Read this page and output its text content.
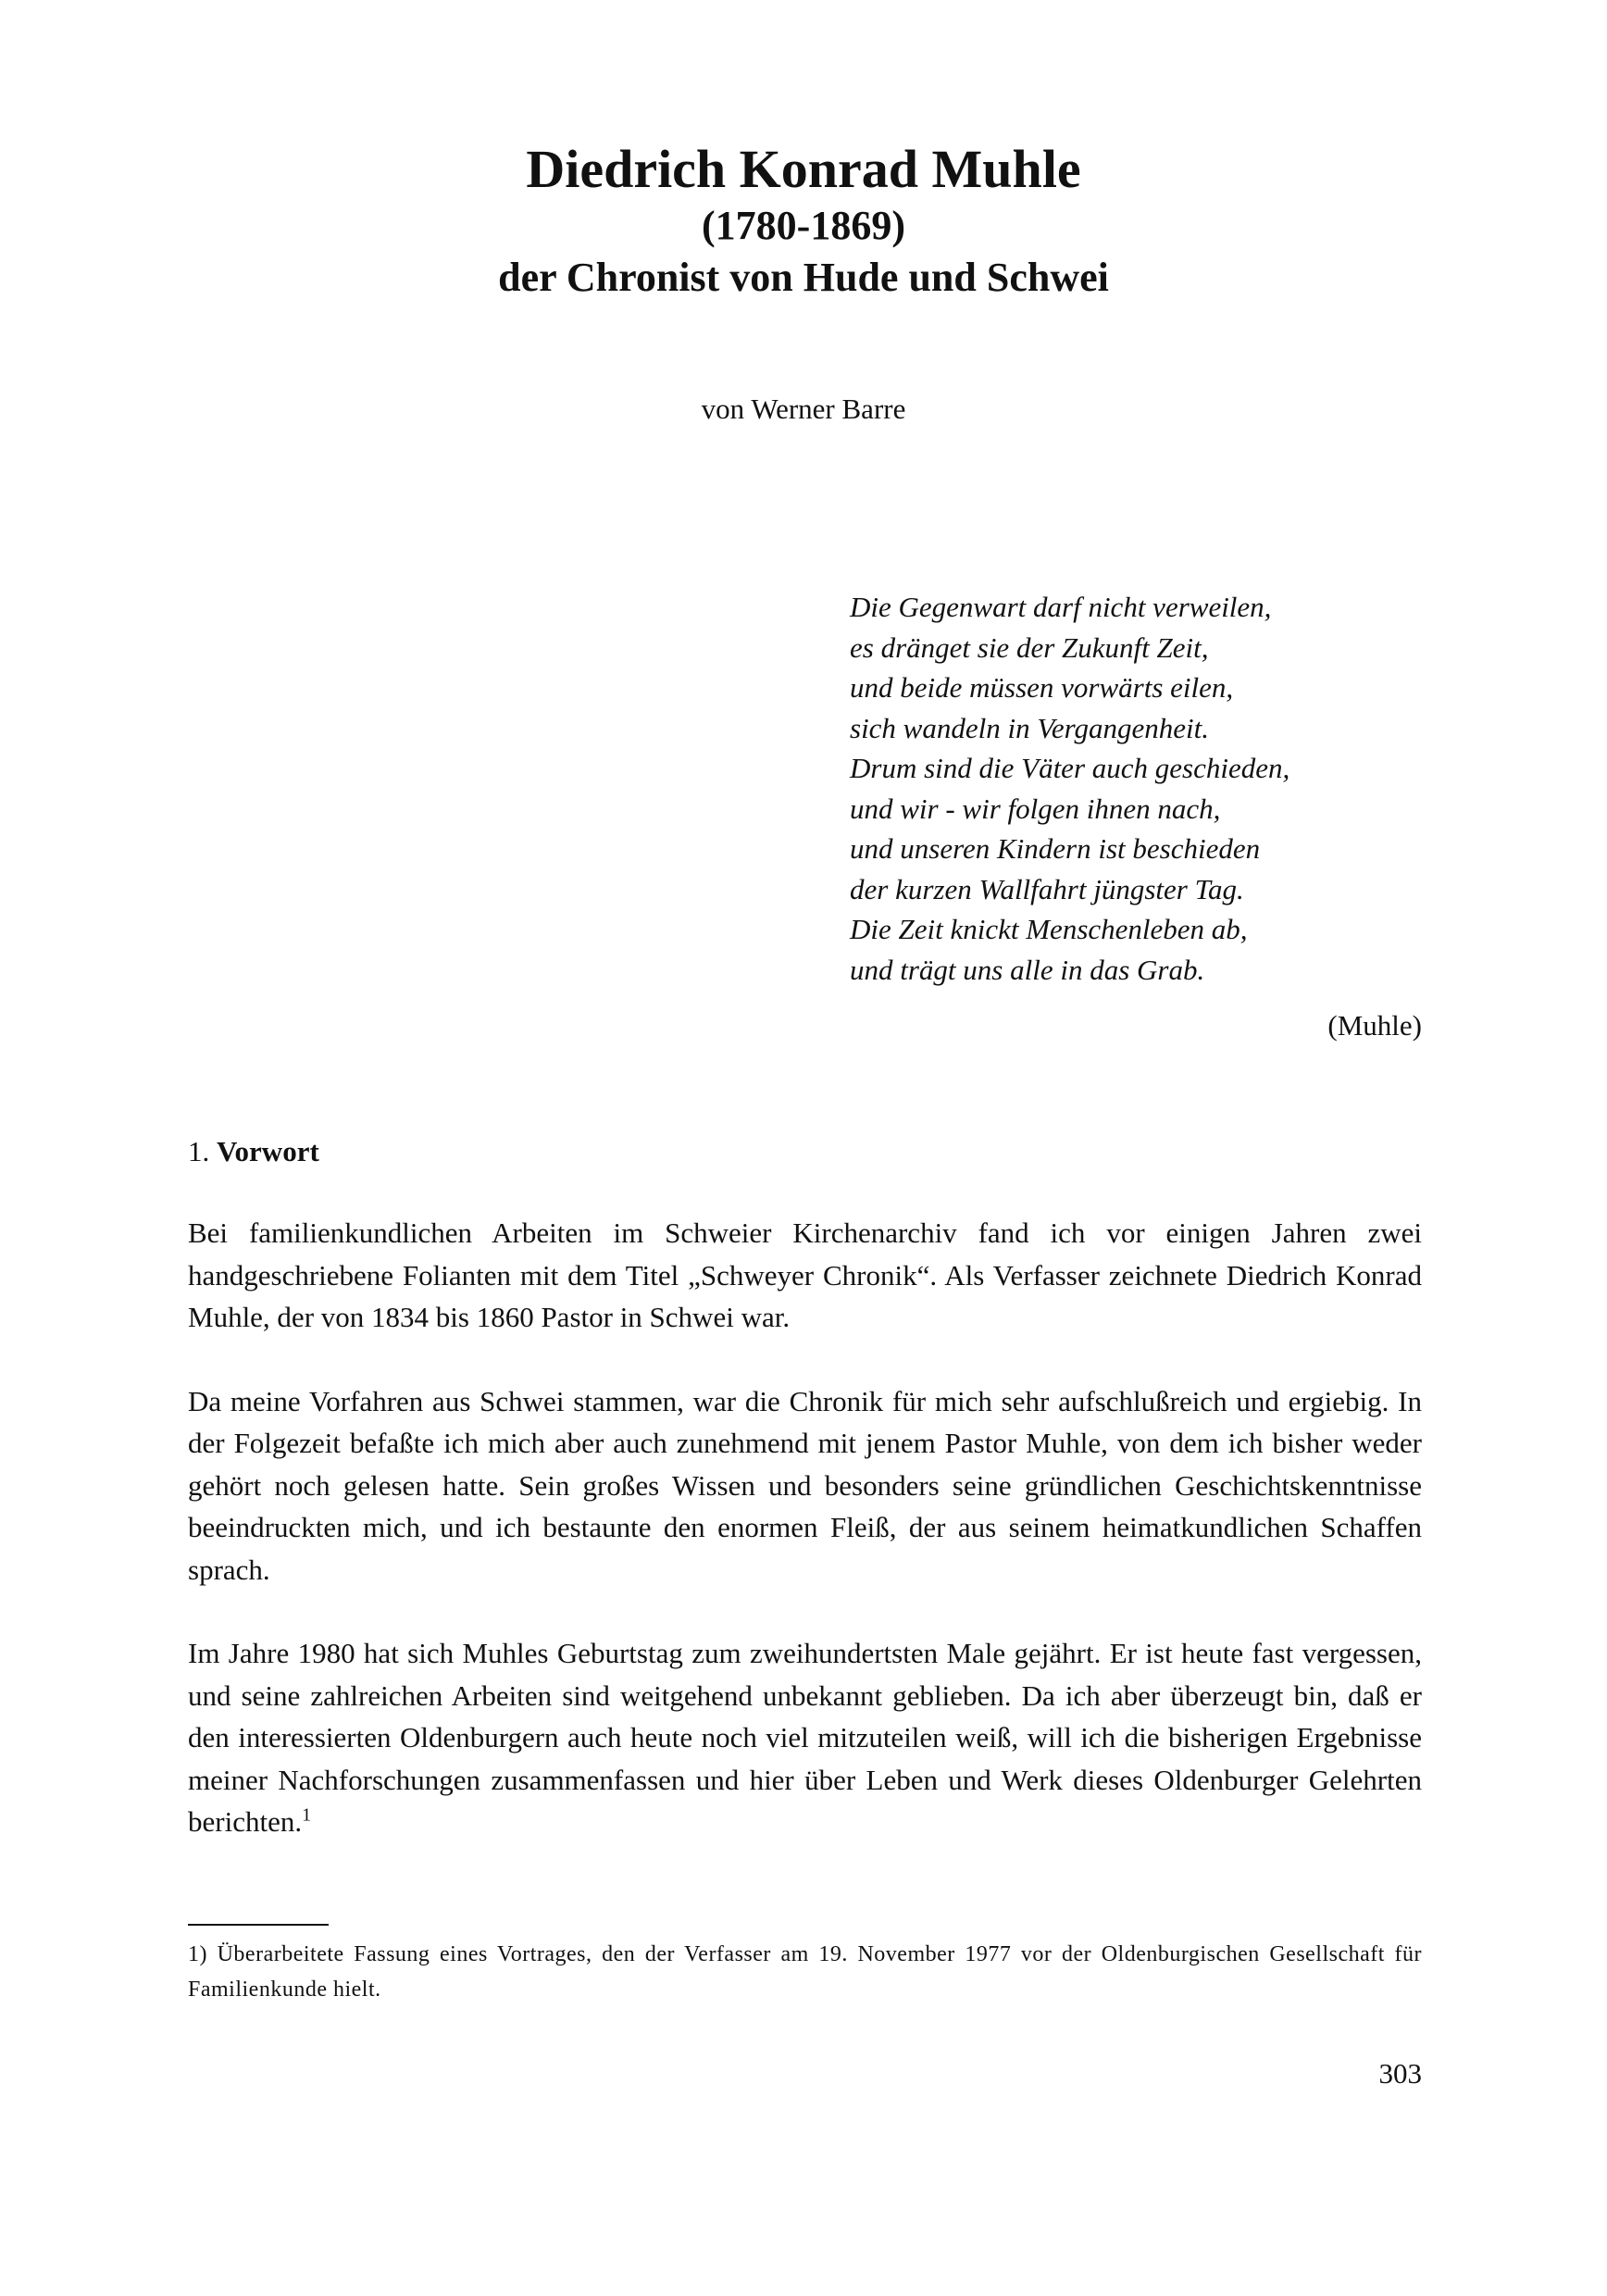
Diedrich Konrad Muhle
(1780-1869)
der Chronist von Hude und Schwei
von Werner Barre
Die Gegenwart darf nicht verweilen,
es dränget sie der Zukunft Zeit,
und beide müssen vorwärts eilen,
sich wandeln in Vergangenheit.
Drum sind die Väter auch geschieden,
und wir - wir folgen ihnen nach,
und unseren Kindern ist beschieden
der kurzen Wallfahrt jüngster Tag.
Die Zeit knickt Menschenleben ab,
und trägt uns alle in das Grab.
(Muhle)
1. Vorwort

Bei familienkundlichen Arbeiten im Schweier Kirchenarchiv fand ich vor einigen Jahren zwei handgeschriebene Folianten mit dem Titel „Schweyer Chronik“. Als Verfasser zeichnete Diedrich Konrad Muhle, der von 1834 bis 1860 Pastor in Schwei war.

Da meine Vorfahren aus Schwei stammen, war die Chronik für mich sehr aufschlußreich und ergiebig. In der Folgezeit befaßte ich mich aber auch zunehmend mit jenem Pastor Muhle, von dem ich bisher weder gehört noch gelesen hatte. Sein großes Wissen und besonders seine gründlichen Geschichtskenntnisse beeindruckten mich, und ich bestaunte den enormen Fleiß, der aus seinem heimatkundlichen Schaffen sprach.

Im Jahre 1980 hat sich Muhles Geburtstag zum zweihundertsten Male gejährt. Er ist heute fast vergessen, und seine zahlreichen Arbeiten sind weitgehend unbekannt geblieben. Da ich aber überzeugt bin, daß er den interessierten Oldenburgern auch heute noch viel mitzuteilen weiß, will ich die bisherigen Ergebnisse meiner Nachforschungen zusammenfassen und hier über Leben und Werk dieses Oldenburger Gelehrten berichten.$^1$

1) Überarbeitete Fassung eines Vortrages, den der Verfasser am 19. November 1977 vor der Oldenburgischen Gesellschaft für Familienkunde hielt.
303
